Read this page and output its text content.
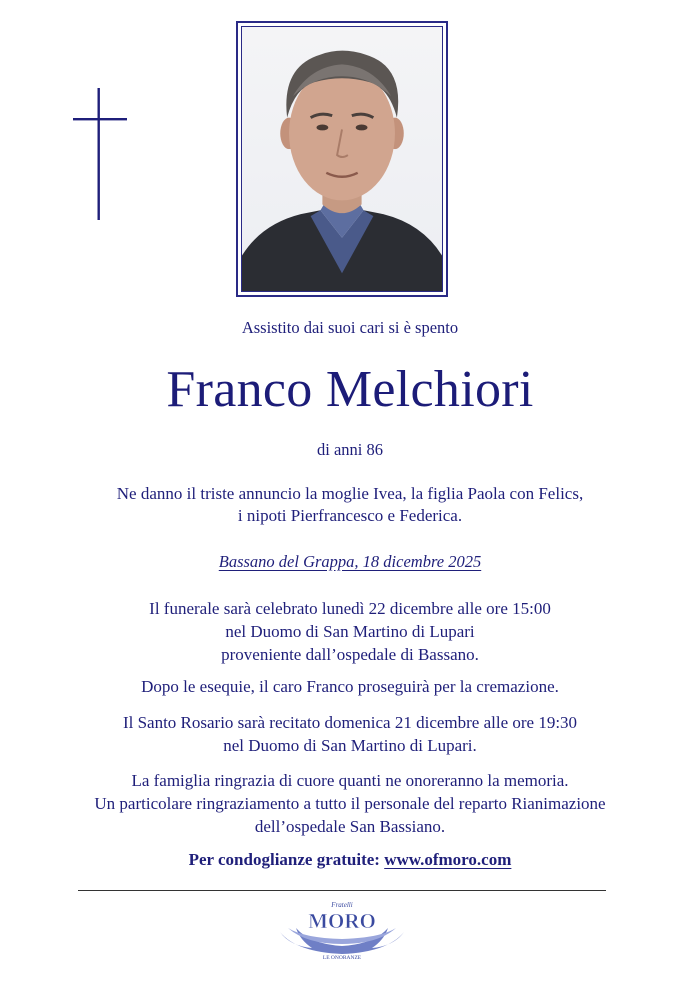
Assistito dai suoi cari si è spento
Franco Melchiori
di anni 86
Ne danno il triste annuncio la moglie Ivea, la figlia Paola con Felics,
i nipoti Pierfrancesco e Federica.
Bassano del Grappa, 18 dicembre 2025
Il funerale sarà celebrato lunedì 22 dicembre alle ore 15:00
nel Duomo di San Martino di Lupari
proveniente dall’ospedale di Bassano.
Dopo le esequie, il caro Franco proseguirà per la cremazione.
Il Santo Rosario sarà recitato domenica 21 dicembre alle ore 19:30
nel Duomo di San Martino di Lupari.
La famiglia ringrazia di cuore quanti ne onoreranno la memoria.
Un particolare ringraziamento a tutto il personale del reparto Rianimazione
dell’ospedale San Bassiano.
Per condoglianze gratuite: www.ofmoro.com
Fratelli
MORO
LE ONORANZE
